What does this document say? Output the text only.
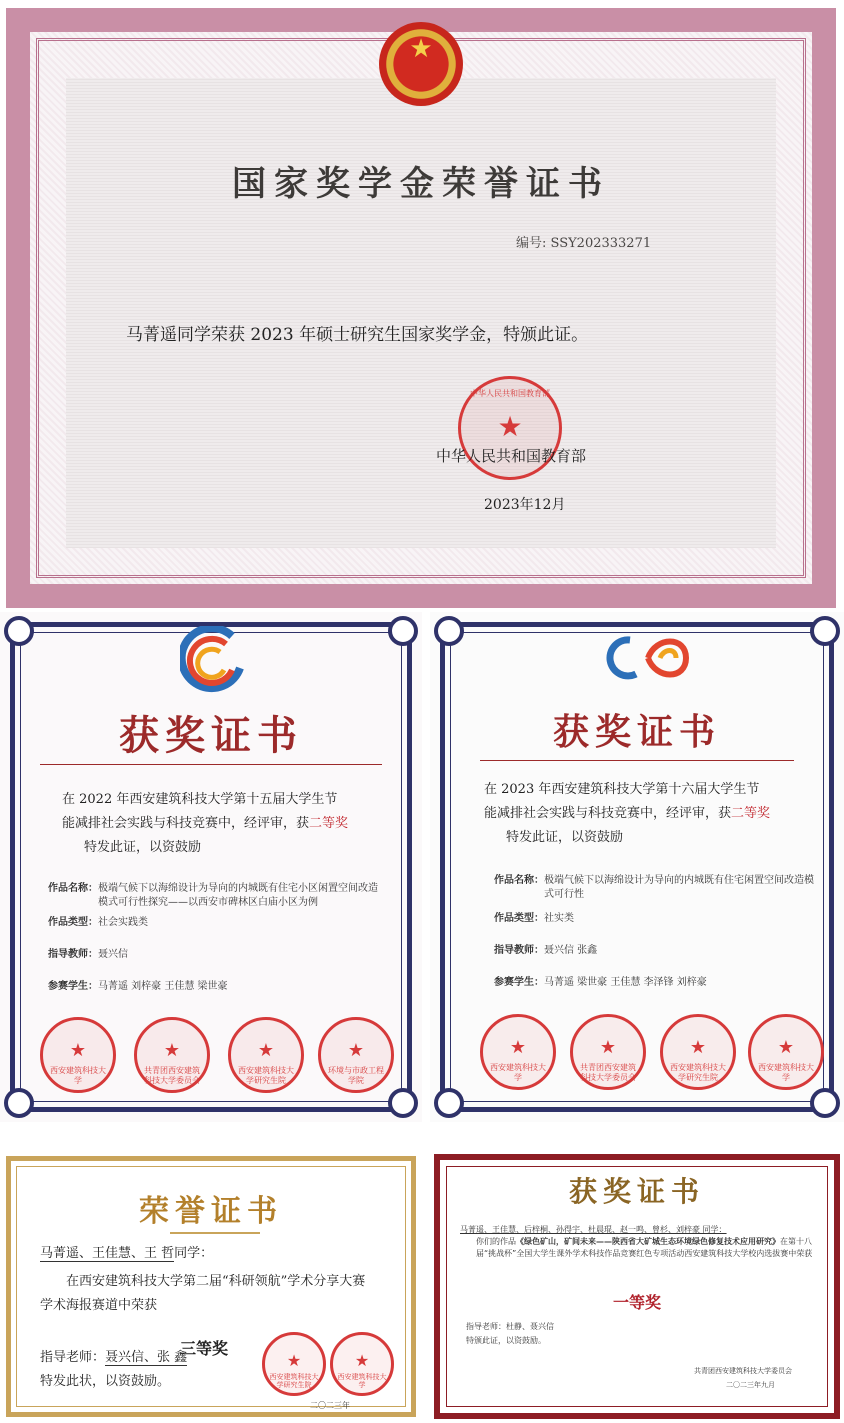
★
国家奖学金荣誉证书
编号: SSY202333271
马菁遥同学荣获 2023 年硕士研究生国家奖学金，特颁此证。
★
中华人民共和国教育部
中华人民共和国教育部
2023年12月
获奖证书
在 2022 年西安建筑科技大学第十五届大学生节
能减排社会实践与科技竞赛中，经评审，获二等奖
特发此证，以资鼓励
作品名称： 极端气候下以海绵设计为导向的内城既有住宅小区闲置空间改造模式可行性探究——以西安市碑林区白庙小区为例
作品类型：社会实践类
指导教师：聂兴信
参赛学生：马菁遥 刘梓豪 王佳慧 梁世豪
★
西安建筑科技大学
★
共青团西安建筑科技大学委员会
★
西安建筑科技大学研究生院
★
环境与市政工程学院
获奖证书
在 2023 年西安建筑科技大学第十六届大学生节
能减排社会实践与科技竞赛中，经评审，获二等奖
特发此证，以资鼓励
作品名称： 极端气候下以海绵设计为导向的内城既有住宅闲置空间改造模式可行性
作品类型：社实类
指导教师：聂兴信 张鑫
参赛学生：马菁遥 梁世豪 王佳慧 李泽锋 刘梓豪
★
西安建筑科技大学
★
共青团西安建筑科技大学委员会
★
西安建筑科技大学研究生院
★
西安建筑科技大学
荣誉证书
马菁遥、王佳慧、王 哲同学：
在西安建筑科技大学第二届“科研领航”学术分享大赛
学术海报赛道中荣获
三等奖
指导老师：聂兴信、张 鑫
特发此状，以资鼓励。
★
西安建筑科技大学研究生院
★
西安建筑科技大学
二〇二三年
获奖证书
马菁遥、王佳慧、后梓桐、孙得宇、杜晨琨、赵一鸣、曾杉、刘梓豪 同学：
你们的作品《绿色矿山，矿间未来——陕西省大矿城生态环境绿色修复技术应用研究》在第十八届“挑战杯”全国大学生课外学术科技作品竞赛红色专项活动西安建筑科技大学校内选拔赛中荣获
一等奖
指导老师：杜静、聂兴信
特颁此证，以资鼓励。
共青团西安建筑科技大学委员会
二〇二三年九月
